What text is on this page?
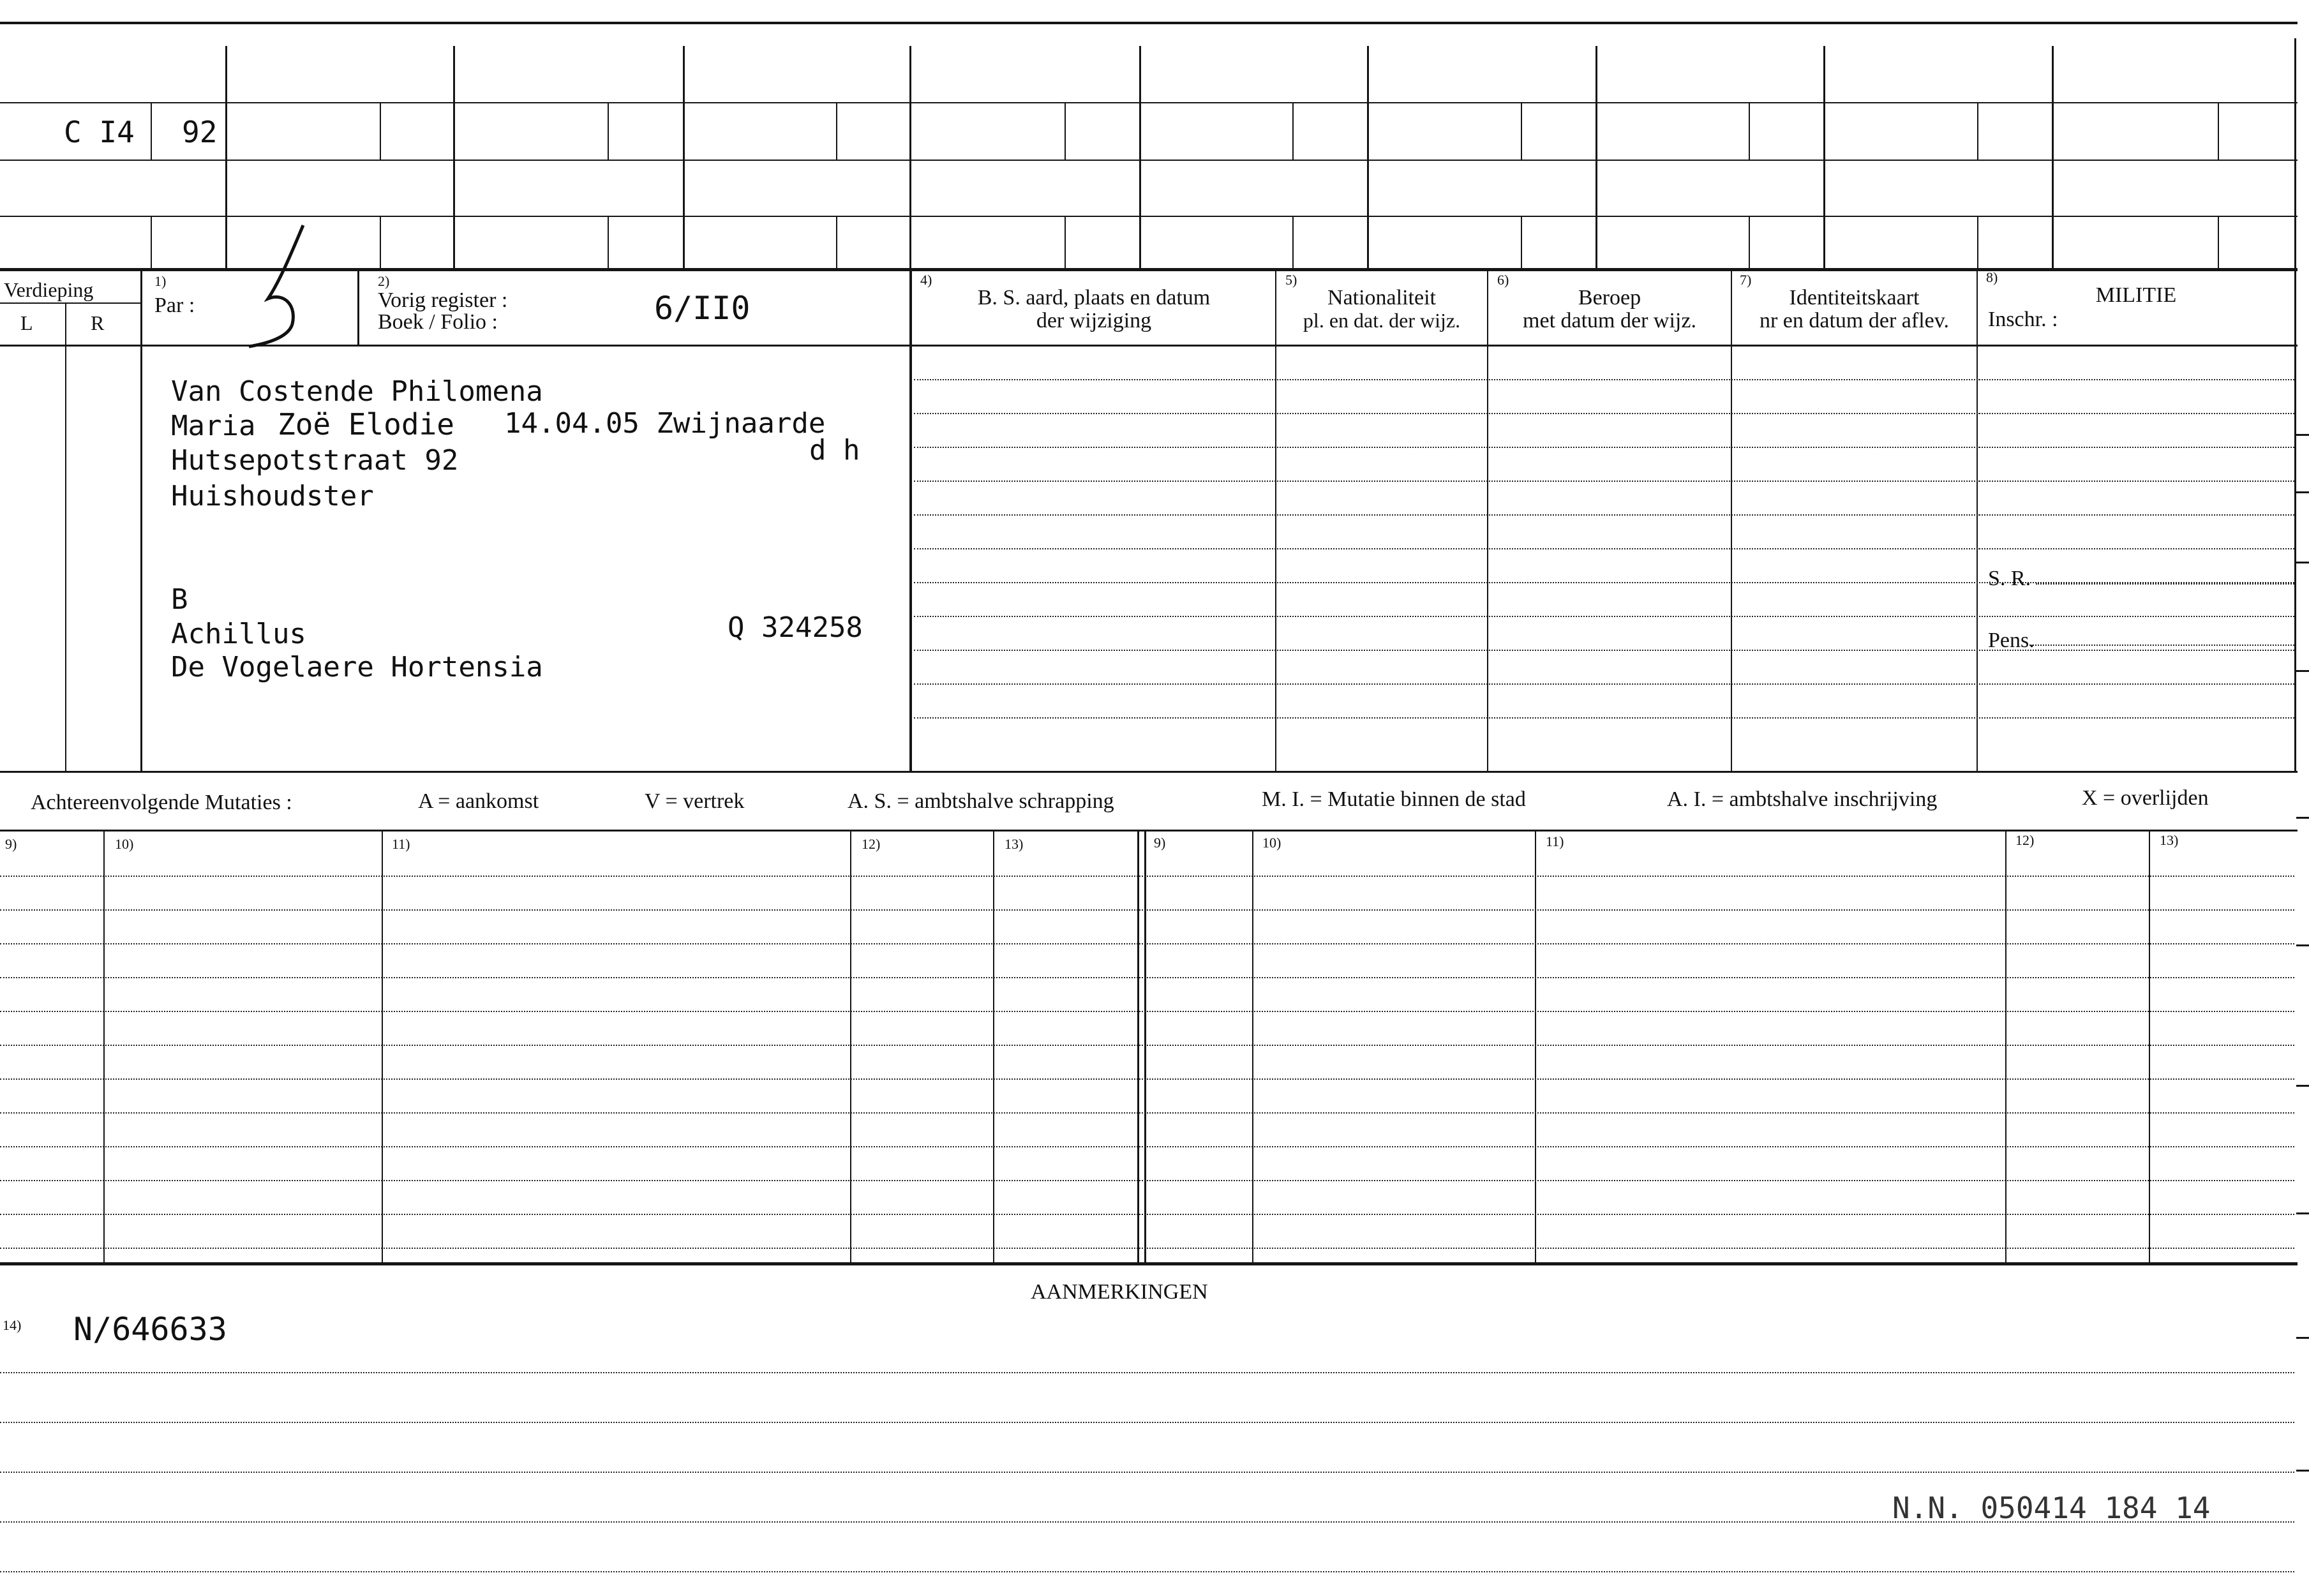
C I4 92
Verdieping
L	R
1)
Par :
2)
Vorig register :
Boek / Folio :	6/II0
4)
B. S. aard, plaats en datum
der wijziging
5)
Nationaliteit
pl. en dat. der wijz.
6)
Beroep
met datum der wijz.
7)
Identiteitskaart
nr en datum der aflev.
8)
MILITIE
Inschr. :
S. R.
Pens.
Van Costende Philomena
Maria Zoë Elodie 14.04.05 Zwijnaarde
Hutsepotstraat 92	d h
Huishoudster
B
Achillus	Q 324258
De Vogelaere Hortensia
Achtereenvolgende Mutaties :	A = aankomst	V = vertrek	A. S. = ambtshalve schrapping	M. I. = Mutatie binnen de stad	A. I. = ambtshalve inschrijving	X = overlijden
9)	10)	11)	12)	13)	9)	10)	11)	12)	13)
AANMERKINGEN
14) N/646633
N.N. 050414 184 14
